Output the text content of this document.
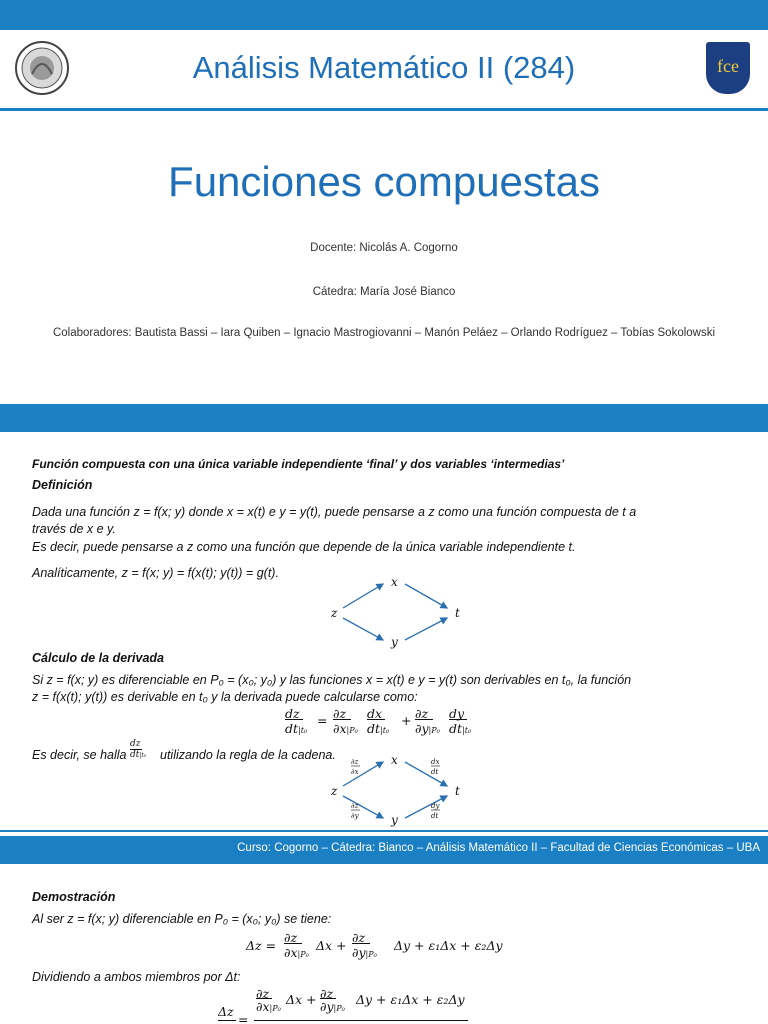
fce
Análisis Matemático II (284)
Funciones compuestas
Docente: Nicolás A. Cogorno
Cátedra: María José Bianco
Colaboradores: Bautista Bassi – Iara Quiben – Ignacio Mastrogiovanni – Manón Peláez – Orlando Rodríguez – Tobías Sokolowski
Función compuesta con una única variable independiente ‘final’ y dos variables ‘intermedias’
Definición
Dada una función z = f(x; y) donde x = x(t) e y = y(t), puede pensarse a z como una función compuesta de t a
través de x e y.
Es decir, puede pensarse a z como una función que depende de la única variable independiente t.
Analíticamente, z = f(x; y) = f(x(t); y(t)) = g(t).
z
x
y
t
Cálculo de la derivada
Si z = f(x; y) es diferenciable en P₀ = (x₀; y₀) y las funciones x = x(t) e y = y(t) son derivables en t₀, la función
z = f(x(t); y(t)) es derivable en t₀ y la derivada puede calcularse como:
dz
dt|t₀
= ∂z
∂x|P₀
dx
dt|t₀
+ ∂z
∂y|P₀
dy
dt|t₀
Es decir, se halla
dz
dt|t₀	utilizando la regla de la cadena.
z
x
y
t
∂z
∂x
∂z
∂y
dx
dt
dy
dt
Curso: Cogorno – Cátedra: Bianco – Análisis Matemático II – Facultad de Ciencias Económicas – UBA
Demostración
Al ser z = f(x; y) diferenciable en P₀ = (x₀; y₀) se tiene:
Δz =
∂z
∂x|P₀
Δx +
∂z
∂y|P₀
Δy + ε₁Δx + ε₂Δy
Dividiendo a ambos miembros por Δt:
Δz
=
∂z
∂x|P₀
Δx + ∂z
∂y|P₀
Δy + ε₁Δx + ε₂Δy
